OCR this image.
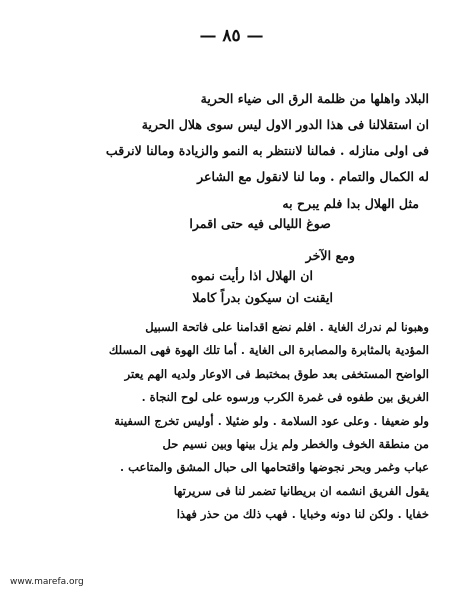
— ٨٥ —

البلاد واهلها من ظلمة الرق الى ضياء الحرية

ان استقلالنا فى هذا الدور الاول ليس سوى هلال الحرية

فى اولى منازله . فمالنا لاننتظر به النمو والزيادة ومالنا لانرقب

له الكمال والتمام . وما لنا لانقول مع الشاعر

مثل الهلال بدا فلم يبرح به
صوغ الليالى فيه حتى اقمرا
ومع الآخر
ان الهلال اذا رأيت نموه
ايقنت ان سيكون بدراً كاملا

وهبونا لم ندرك الغاية . افلم نضع اقدامنا على فاتحة السبيل

المؤدية بالمثابرة والمصابرة الى الغاية . أما تلك الهوة فهى المسلك

الواضح المستخفى بعد طوق بمختبط فى الاوعار ولديه الهم يعتر

الغريق بين طفوه فى غمرة الكرب ورسوه على لوح النجاة .

ولو ضعيفا . وعلى عود السلامة . ولو ضئيلا . أوليس تخرج السفينة

من منطقة الخوف والخطر ولم يزل بينها وبين نسيم حل

عباب وغمر وبحر نجوضها واقتحامها الى حبال المشق والمتاعب .

يقول الفريق انشمه ان بريطانيا تضمر لنا فى سريرتها

خفايا . ولكن لنا دونه وخبايا . فهب ذلك من حذر فهذا

www.marefa.org
